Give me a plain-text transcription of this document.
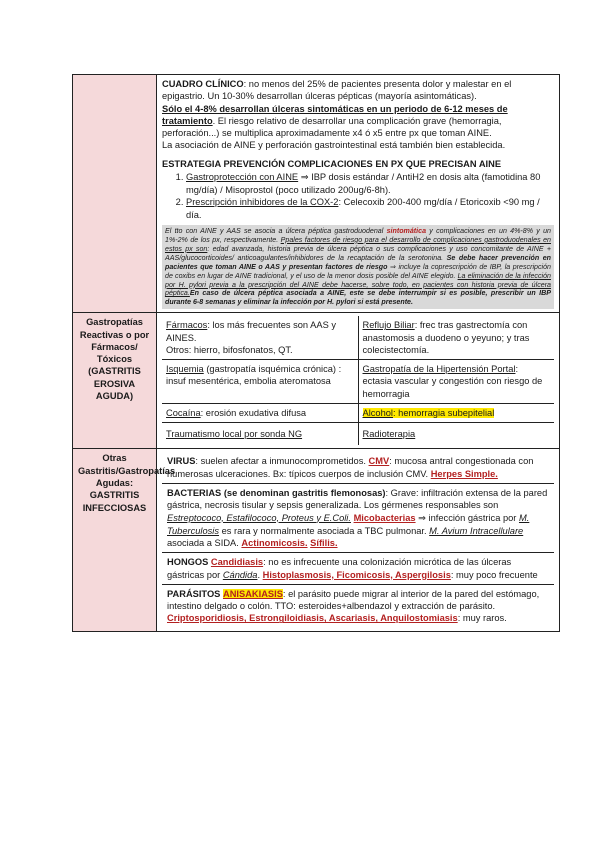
CUADRO CLÍNICO: no menos del 25% de pacientes presenta dolor y malestar en el epigastrio. Un 10-30% desarrollan úlceras pépticas (mayoría asintomáticas).
Sólo el 4-8% desarrollan úlceras sintomáticas en un periodo de 6-12 meses de tratamiento. El riesgo relativo de desarrollar una complicación grave (hemorragia, perforación...) se multiplica aproximadamente x4 ó x5 entre px que toman AINE.
La asociación de AINE y perforación gastrointestinal está también bien establecida.
ESTRATEGIA PREVENCIÓN COMPLICACIONES EN PX QUE PRECISAN AINE
1. Gastroprotección con AINE ⇒ IBP dosis estándar / AntiH2 en dosis alta (famotidina 80 mg/día) / Misoprostol (poco utilizado 200ug/6-8h).
2. Prescripción inhibidores de la COX-2: Celecoxib 200-400 mg/día / Etoricoxib <90 mg / día.
El tto con AINE y AAS se asocia a úlcera péptica gastroduodenal sintomática y complicaciones en un 4%-8% y un 1%-2% de los px, respectivamente. Ppales factores de riesgo para el desarrollo de complicaciones gastroduodenales en estos px son: edad avanzada, historia previa de úlcera péptica o sus complicaciones y uso concomitante de AINE + AAS/glucocorticoides/ anticoagulantes/inhibidores de la recaptación de la serotonina. Se debe hacer prevención en pacientes que toman AINE o AAS y presentan factores de riesgo ⇒ incluye la coprescripción de IBP, la prescripción de coxibs en lugar de AINE tradicional, y el uso de la menor dosis posible del AINE elegido. La eliminación de la infección por H. pylori previa a la prescripción del AINE debe hacerse, sobre todo, en pacientes con historia previa de úlcera péptica.En caso de úlcera péptica asociada a AINE, este se debe interrumpir si es posible, prescribir un IBP durante 6-8 semanas y eliminar la infección por H. pylori si está presente.

Gastropatías Reactivas o por Fármacos/ Tóxicos (GASTRITIS EROSIVA AGUDA)	
Fármacos: los más frecuentes son AAS y AINES.
Otros: hierro, bifosfonatos, QT.	Reflujo Biliar: frec tras gastrectomía con anastomosis a duodeno o yeyuno; y tras colecistectomía.
Isquemia (gastropatía isquémica crónica) : insuf mesentérica, embolia ateromatosa	Gastropatía de la Hipertensión Portal: ectasia vascular y congestión con riesgo de hemorragia
Cocaína: erosión exudativa difusa	Alcohol: hemorragia subepitelial
Traumatismo local por sonda NG	Radioterapia

Otras Gastritis/Gastropatías Agudas: GASTRITIS INFECCIOSAS	
VIRUS: suelen afectar a inmunocomprometidos. CMV: mucosa antral congestionada con numerosas ulceraciones. Bx: típicos cuerpos de inclusión CMV. Herpes Simple.
BACTERIAS (se denominan gastritis flemonosas): Grave: infiltración extensa de la pared gástrica, necrosis tisular y sepsis generalizada. Los gérmenes responsables son Estreptococo, Estafilococo, Proteus y E.Coli. Micobacterias ⇒ infección gástrica por M. Tuberculosis es rara y normalmente asociada a TBC pulmonar. M. Avium Intracellulare asociada a SIDA. Actinomicosis. Sífilis.
HONGOS Candidiasis: no es infrecuente una colonización micrótica de las úlceras gástricas por Cándida. Histoplasmosis, Ficomicosis, Aspergilosis: muy poco frecuente
PARÁSITOS ANISAKIASIS: el parásito puede migrar al interior de la pared del estómago, intestino delgado o colón. TTO: esteroides+albendazol y extracción de parásito.   Criptosporidiosis, Estrongiloidiasis, Ascariasis, Anquilostomiasis: muy raros.
